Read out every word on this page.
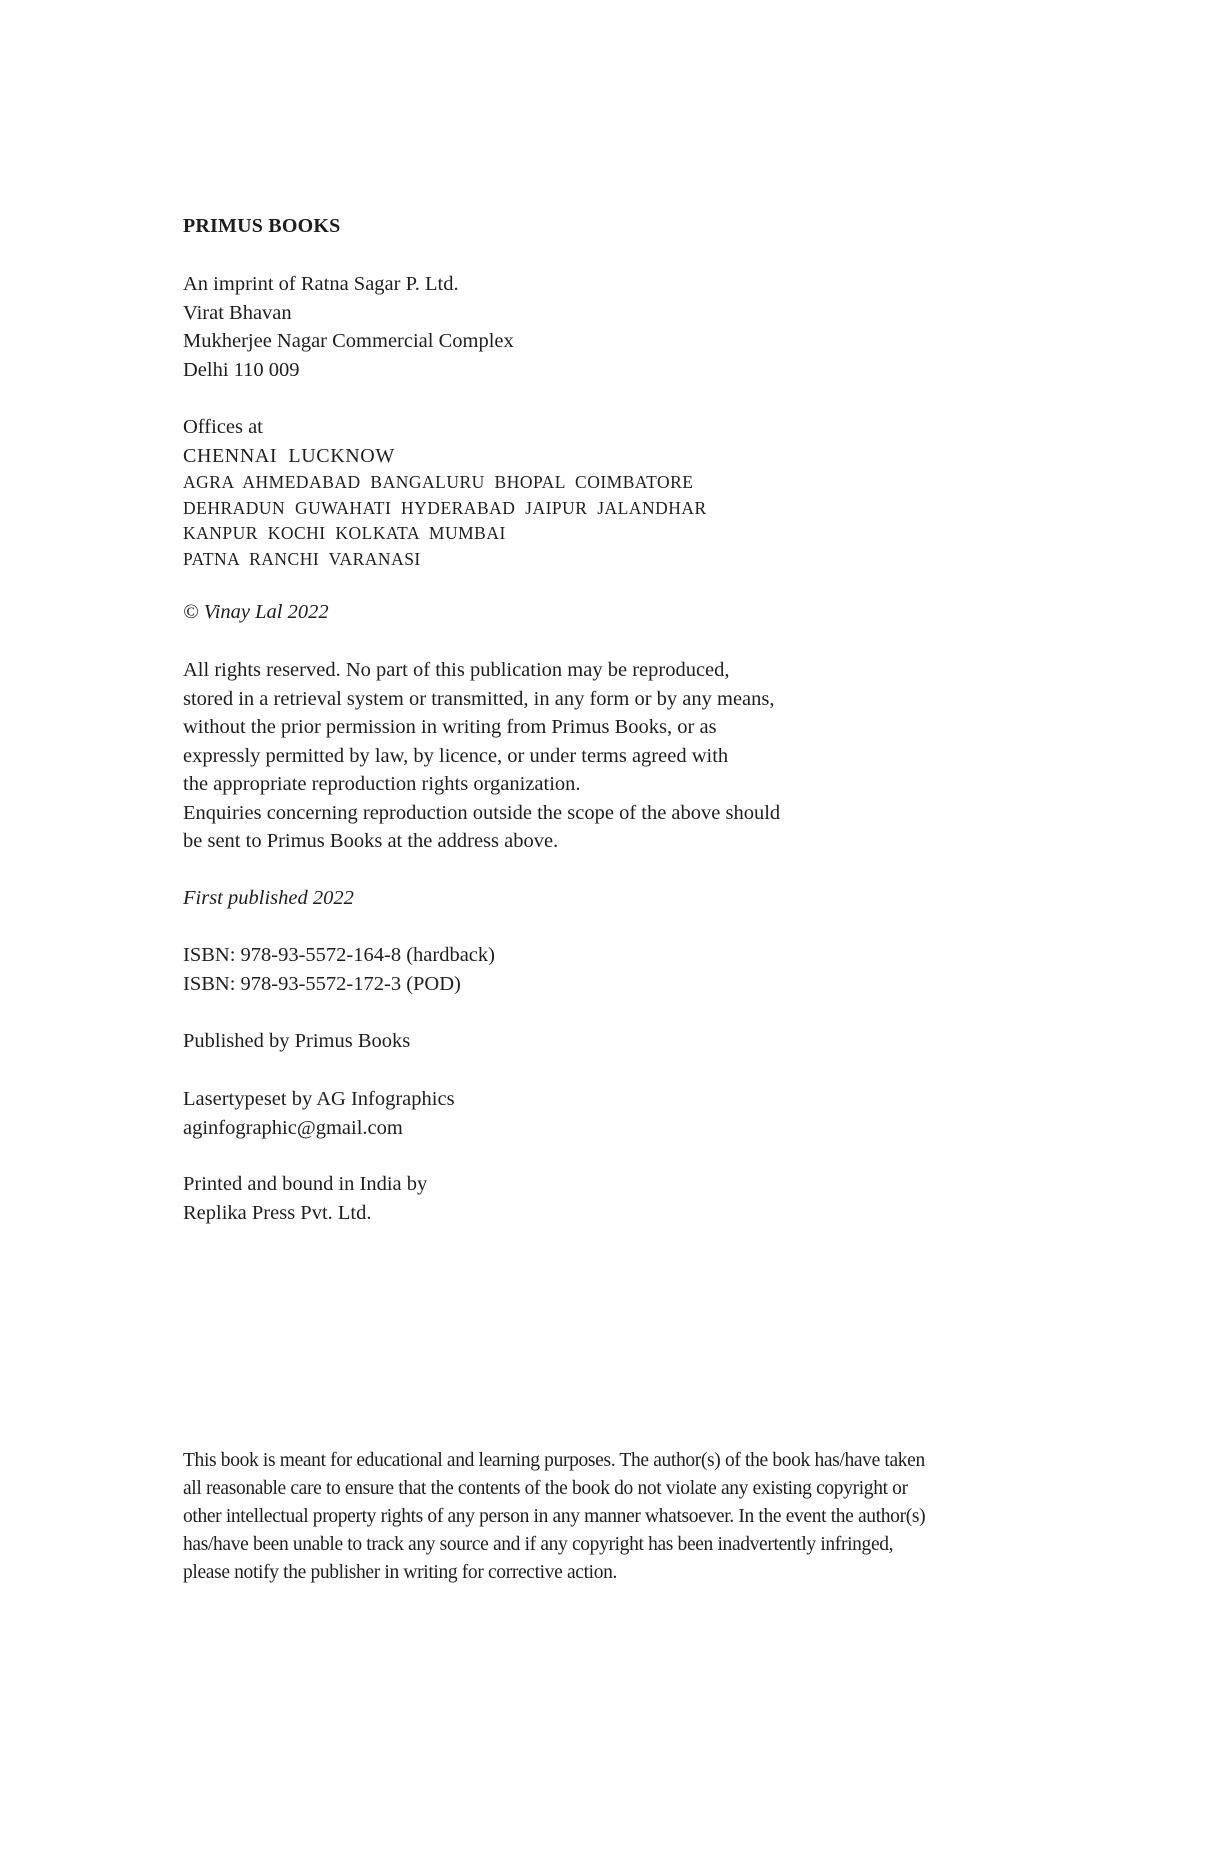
PRIMUS BOOKS
An imprint of Ratna Sagar P. Ltd.
Virat Bhavan
Mukherjee Nagar Commercial Complex
Delhi 110 009
Offices at
CHENNAI  LUCKNOW
AGRA  AHMEDABAD  BANGALURU  BHOPAL  COIMBATORE
DEHRADUN  GUWAHATI  HYDERABAD  JAIPUR  JALANDHAR
KANPUR  KOCHI  KOLKATA  MUMBAI
PATNA  RANCHI  VARANASI
© Vinay Lal 2022
All rights reserved. No part of this publication may be reproduced,
stored in a retrieval system or transmitted, in any form or by any means,
without the prior permission in writing from Primus Books, or as
expressly permitted by law, by licence, or under terms agreed with
the appropriate reproduction rights organization.
Enquiries concerning reproduction outside the scope of the above should
be sent to Primus Books at the address above.
First published 2022
ISBN: 978-93-5572-164-8 (hardback)
ISBN: 978-93-5572-172-3 (POD)
Published by Primus Books
Lasertypeset by AG Infographics
aginfographic@gmail.com
Printed and bound in India by
Replika Press Pvt. Ltd.
This book is meant for educational and learning purposes. The author(s) of the book has/have taken
all reasonable care to ensure that the contents of the book do not violate any existing copyright or
other intellectual property rights of any person in any manner whatsoever. In the event the author(s)
has/have been unable to track any source and if any copyright has been inadvertently infringed,
please notify the publisher in writing for corrective action.
